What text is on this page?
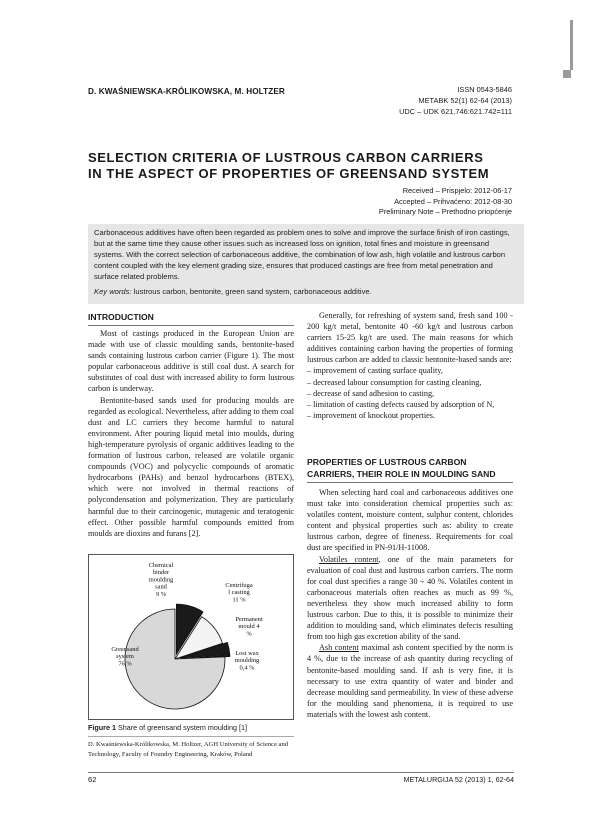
D. KWAŚNIEWSKA-KRÓLIKOWSKA, M. HOLTZER	ISSN 0543-5846
METABK 52(1) 62-64 (2013)
UDC – UDK 621.746:621.742=111
SELECTION CRITERIA OF LUSTROUS CARBON CARRIERS
IN THE ASPECT OF PROPERTIES OF GREENSAND SYSTEM
Received – Prispjelo: 2012-06-17
Accepted – Prihvaćeno: 2012-08-30
Preliminary Note – Prethodno priopćenje

Carbonaceous additives have often been regarded as problem ones to solve and improve the surface finish of iron castings, but at the same time they cause other issues such as increased loss on ignition, total fines and moisture in greensand systems. With the correct selection of carbonaceous additive, the combination of low ash, high volatile and lustrous carbon content coupled with the key element grading size, ensures that produced castings are free from metal penetration and surface related problems.

Key words: lustrous carbon, bentonite, green sand system, carbonaceous additive.

INTRODUCTION

Most of castings produced in the European Union are made with use of classic moulding sands, bentonite-based sands containing lustrous carbon carrier (Figure 1). The most popular carbonaceous additive is still coal dust. A search for substitutes of coal dust with increased ability to form lustrous carbon is underway.

Bentonite-based sands used for producing moulds are regarded as ecological. Nevertheless, after adding to them coal dust and LC carriers they become harmful to natural environment. After pouring liquid metal into moulds, during high-temperature pyrolysis of organic additives leading to the formation of lustrous carbon, released are volatile organic compounds (VOC) and polycyclic compounds of aromatic hydrocarbons (PAHs) and benzol hydrocarbons (BTEX), which were not involved in thermal reactions of polycondensation and polymerization. They are particularly harmful due to their carcinogenic, mutagenic and teratogenic effect. Other possible harmful compounds emitted from moulds are dioxins and furans [2].

Chemical
binder
moulding
sand
9 %
Centrifuga
l casting
11 %
Permanent
mould 4
%
Lost wax
moulding
0,4 %
Greensand
system
76 %
Figure 1 Share of greensand system moulding [1]
D. Kwaśniewska-Królikowska, M. Holtzer, AGH University of Science and Technology, Faculty of Foundry Engineering, Kraków, Poland

Generally, for refreshing of system sand, fresh sand 100 - 200 kg/t metal, bentonite 40 -60 kg/t and lustrous carbon carriers 15-25 kg/t are used. The main reasons for which additives containing carbon having the properties of forming lustrous carbon are added to classic bentonite-based sands are:

– improvement of casting surface quality,
– decreased labour consumption for casting cleaning,
– decrease of sand adhesion to casting,
– limitation of casting defects caused by adsorption of N,
– improvement of knockout properties.
PROPERTIES OF LUSTROUS CARBON
CARRIERS, THEIR ROLE IN MOULDING SAND

When selecting hard coal and carbonaceous additives one must take into consideration chemical properties such as: volatiles content, moisture content, sulphur content, chlorides content and physical properties such as: ability to create lustrous carbon, degree of fineness. Requirements for coal dust are specified in PN-91/H-11008.

Volatiles content, one of the main parameters for evaluation of coal dust and lustrous carbon carriers. The norm for coal dust specifies a range 30 ÷ 40 %. Volatiles content in carbonaceous materials often reaches as much as 99 %, nevertheless they show much increased ability to form lustrous carbon. Due to this, it is possible to minimize their addition to moulding sand, which eliminates defects resulting from too high gas excretion ability of the sand.

Ash content maximal ash content specified by the norm is 4 %, due to the increase of ash quantity during recycling of bentonite-based moulding sand. If ash is very fine, it is necessary to use extra quantity of water and binder and decrease moulding sand permeability. In view of these adverse for the moulding sand phenomena, it is required to use materials with the lowest ash content.

62	METALURGIJA 52 (2013) 1, 62-64
